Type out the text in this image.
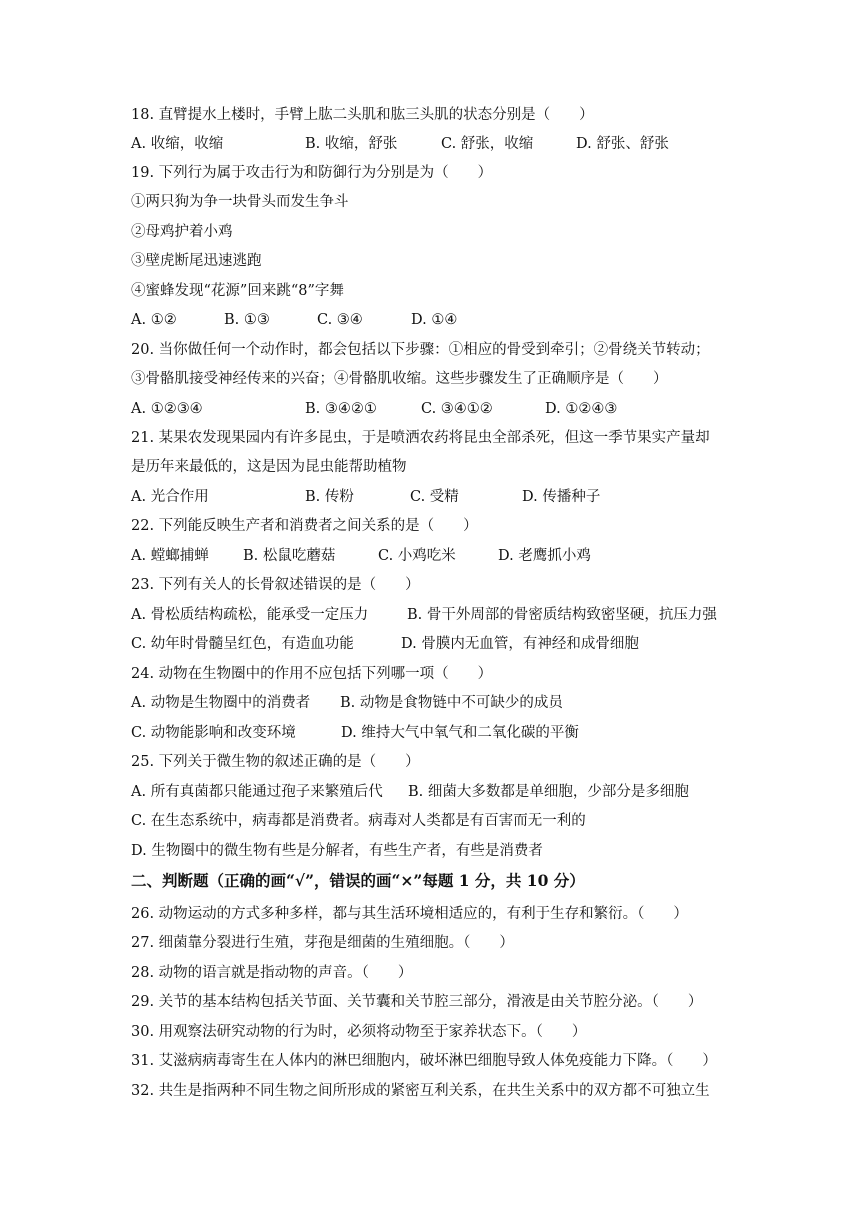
18. 直臂提水上楼时，手臂上肱二头肌和肱三头肌的状态分别是（　　）
A. 收缩，收缩	B. 收缩，舒张	C. 舒张，收缩	D. 舒张、舒张
19. 下列行为属于攻击行为和防御行为分别是为（　　）
①两只狗为争一块骨头而发生争斗
②母鸡护着小鸡
③壁虎断尾迅速逃跑
④蜜蜂发现“花源”回来跳“8”字舞
A. ①②	B. ①③	C. ③④	D. ①④
20. 当你做任何一个动作时，都会包括以下步骤：①相应的骨受到牵引；②骨绕关节转动；
③骨骼肌接受神经传来的兴奋；④骨骼肌收缩。这些步骤发生了正确顺序是（　　）
A. ①②③④	B. ③④②①	C. ③④①②	D. ①②④③
21. 某果农发现果园内有许多昆虫，于是喷洒农药将昆虫全部杀死，但这一季节果实产量却
是历年来最低的，这是因为昆虫能帮助植物
A. 光合作用	B. 传粉	C. 受精	D. 传播种子
22. 下列能反映生产者和消费者之间关系的是（　　）
A. 螳螂捕蝉 B. 松鼠吃蘑菇	C. 小鸡吃米	D. 老鹰抓小鸡
23. 下列有关人的长骨叙述错误的是（　　）
A. 骨松质结构疏松，能承受一定压力	B. 骨干外周部的骨密质结构致密坚硬，抗压力强
C. 幼年时骨髓呈红色，有造血功能	D. 骨膜内无血管，有神经和成骨细胞
24. 动物在生物圈中的作用不应包括下列哪一项（　　）
A. 动物是生物圈中的消费者 B. 动物是食物链中不可缺少的成员
C. 动物能影响和改变环境	D. 维持大气中氧气和二氧化碳的平衡
25. 下列关于微生物的叙述正确的是（　　）
A. 所有真菌都只能通过孢子来繁殖后代 B. 细菌大多数都是单细胞，少部分是多细胞
C. 在生态系统中，病毒都是消费者。病毒对人类都是有百害而无一利的
D. 生物圈中的微生物有些是分解者，有些生产者，有些是消费者
二、判断题（正确的画“√”，错误的画“×”每题 1 分，共 10 分）
26. 动物运动的方式多种多样，都与其生活环境相适应的，有利于生存和繁衍。（　　）
27. 细菌靠分裂进行生殖，芽孢是细菌的生殖细胞。（　　）
28. 动物的语言就是指动物的声音。（　　）
29. 关节的基本结构包括关节面、关节囊和关节腔三部分，滑液是由关节腔分泌。（　　）
30. 用观察法研究动物的行为时，必须将动物至于家养状态下。（　　）
31. 艾滋病病毒寄生在人体内的淋巴细胞内，破坏淋巴细胞导致人体免疫能力下降。（　　）
32. 共生是指两种不同生物之间所形成的紧密互利关系，在共生关系中的双方都不可独立生
